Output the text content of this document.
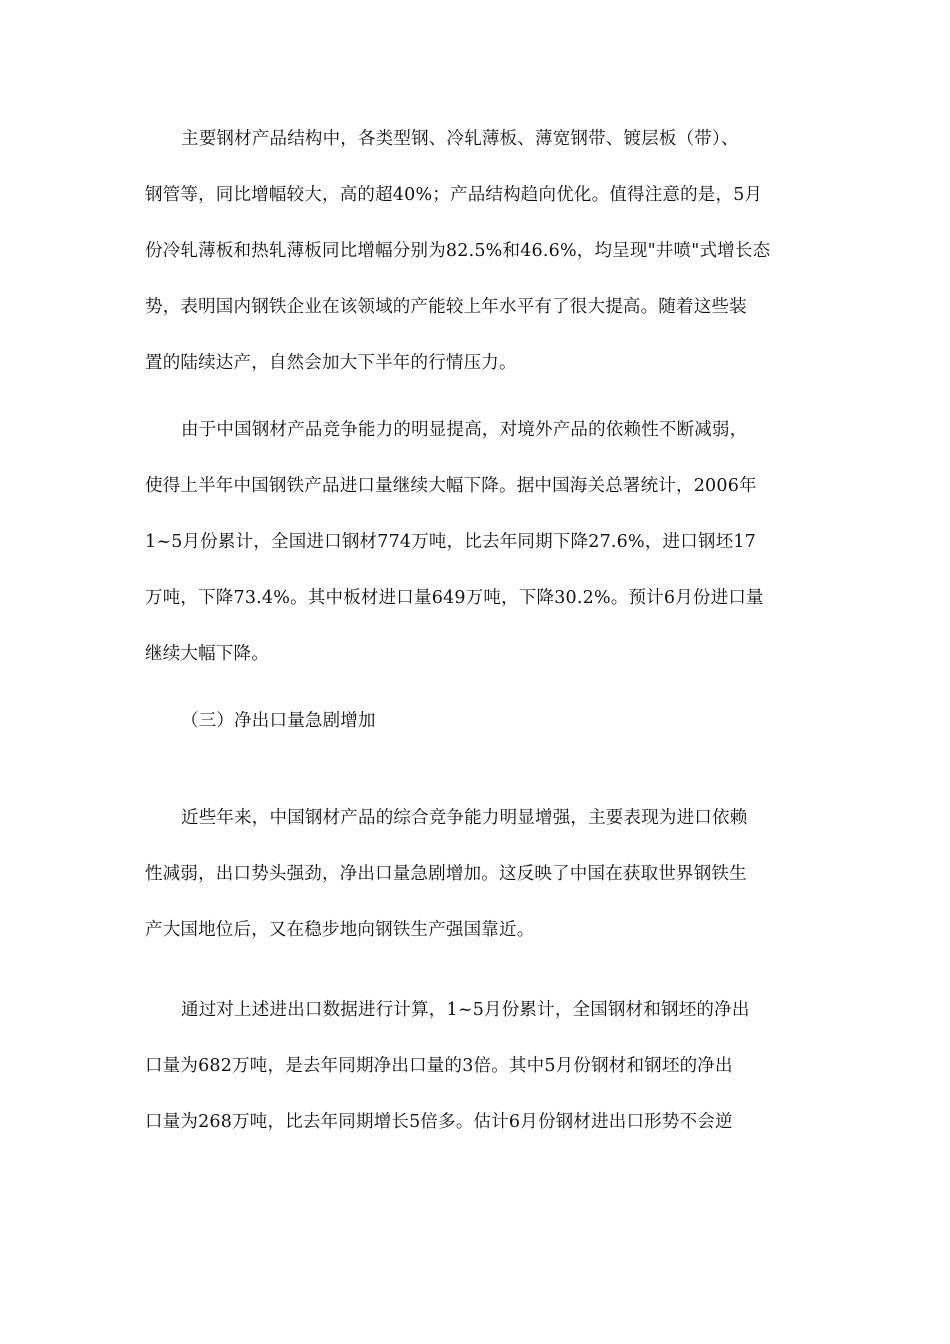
主要钢材产品结构中，各类型钢、冷轧薄板、薄宽钢带、镀层板（带）、
钢管等，同比增幅较大，高的超40%；产品结构趋向优化。值得注意的是，5月
份冷轧薄板和热轧薄板同比增幅分别为82.5%和46.6%，均呈现"井喷"式增长态
势，表明国内钢铁企业在该领域的产能较上年水平有了很大提高。随着这些装
置的陆续达产，自然会加大下半年的行情压力。
由于中国钢材产品竞争能力的明显提高，对境外产品的依赖性不断减弱，
使得上半年中国钢铁产品进口量继续大幅下降。据中国海关总署统计，2006年
1~5月份累计，全国进口钢材774万吨，比去年同期下降27.6%，进口钢坯17
万吨，下降73.4%。其中板材进口量649万吨，下降30.2%。预计6月份进口量
继续大幅下降。
（三）净出口量急剧增加
近些年来，中国钢材产品的综合竞争能力明显增强，主要表现为进口依赖
性减弱，出口势头强劲，净出口量急剧增加。这反映了中国在获取世界钢铁生
产大国地位后，又在稳步地向钢铁生产强国靠近。
通过对上述进出口数据进行计算，1~5月份累计，全国钢材和钢坯的净出
口量为682万吨，是去年同期净出口量的3倍。其中5月份钢材和钢坯的净出
口量为268万吨，比去年同期增长5倍多。估计6月份钢材进出口形势不会逆
